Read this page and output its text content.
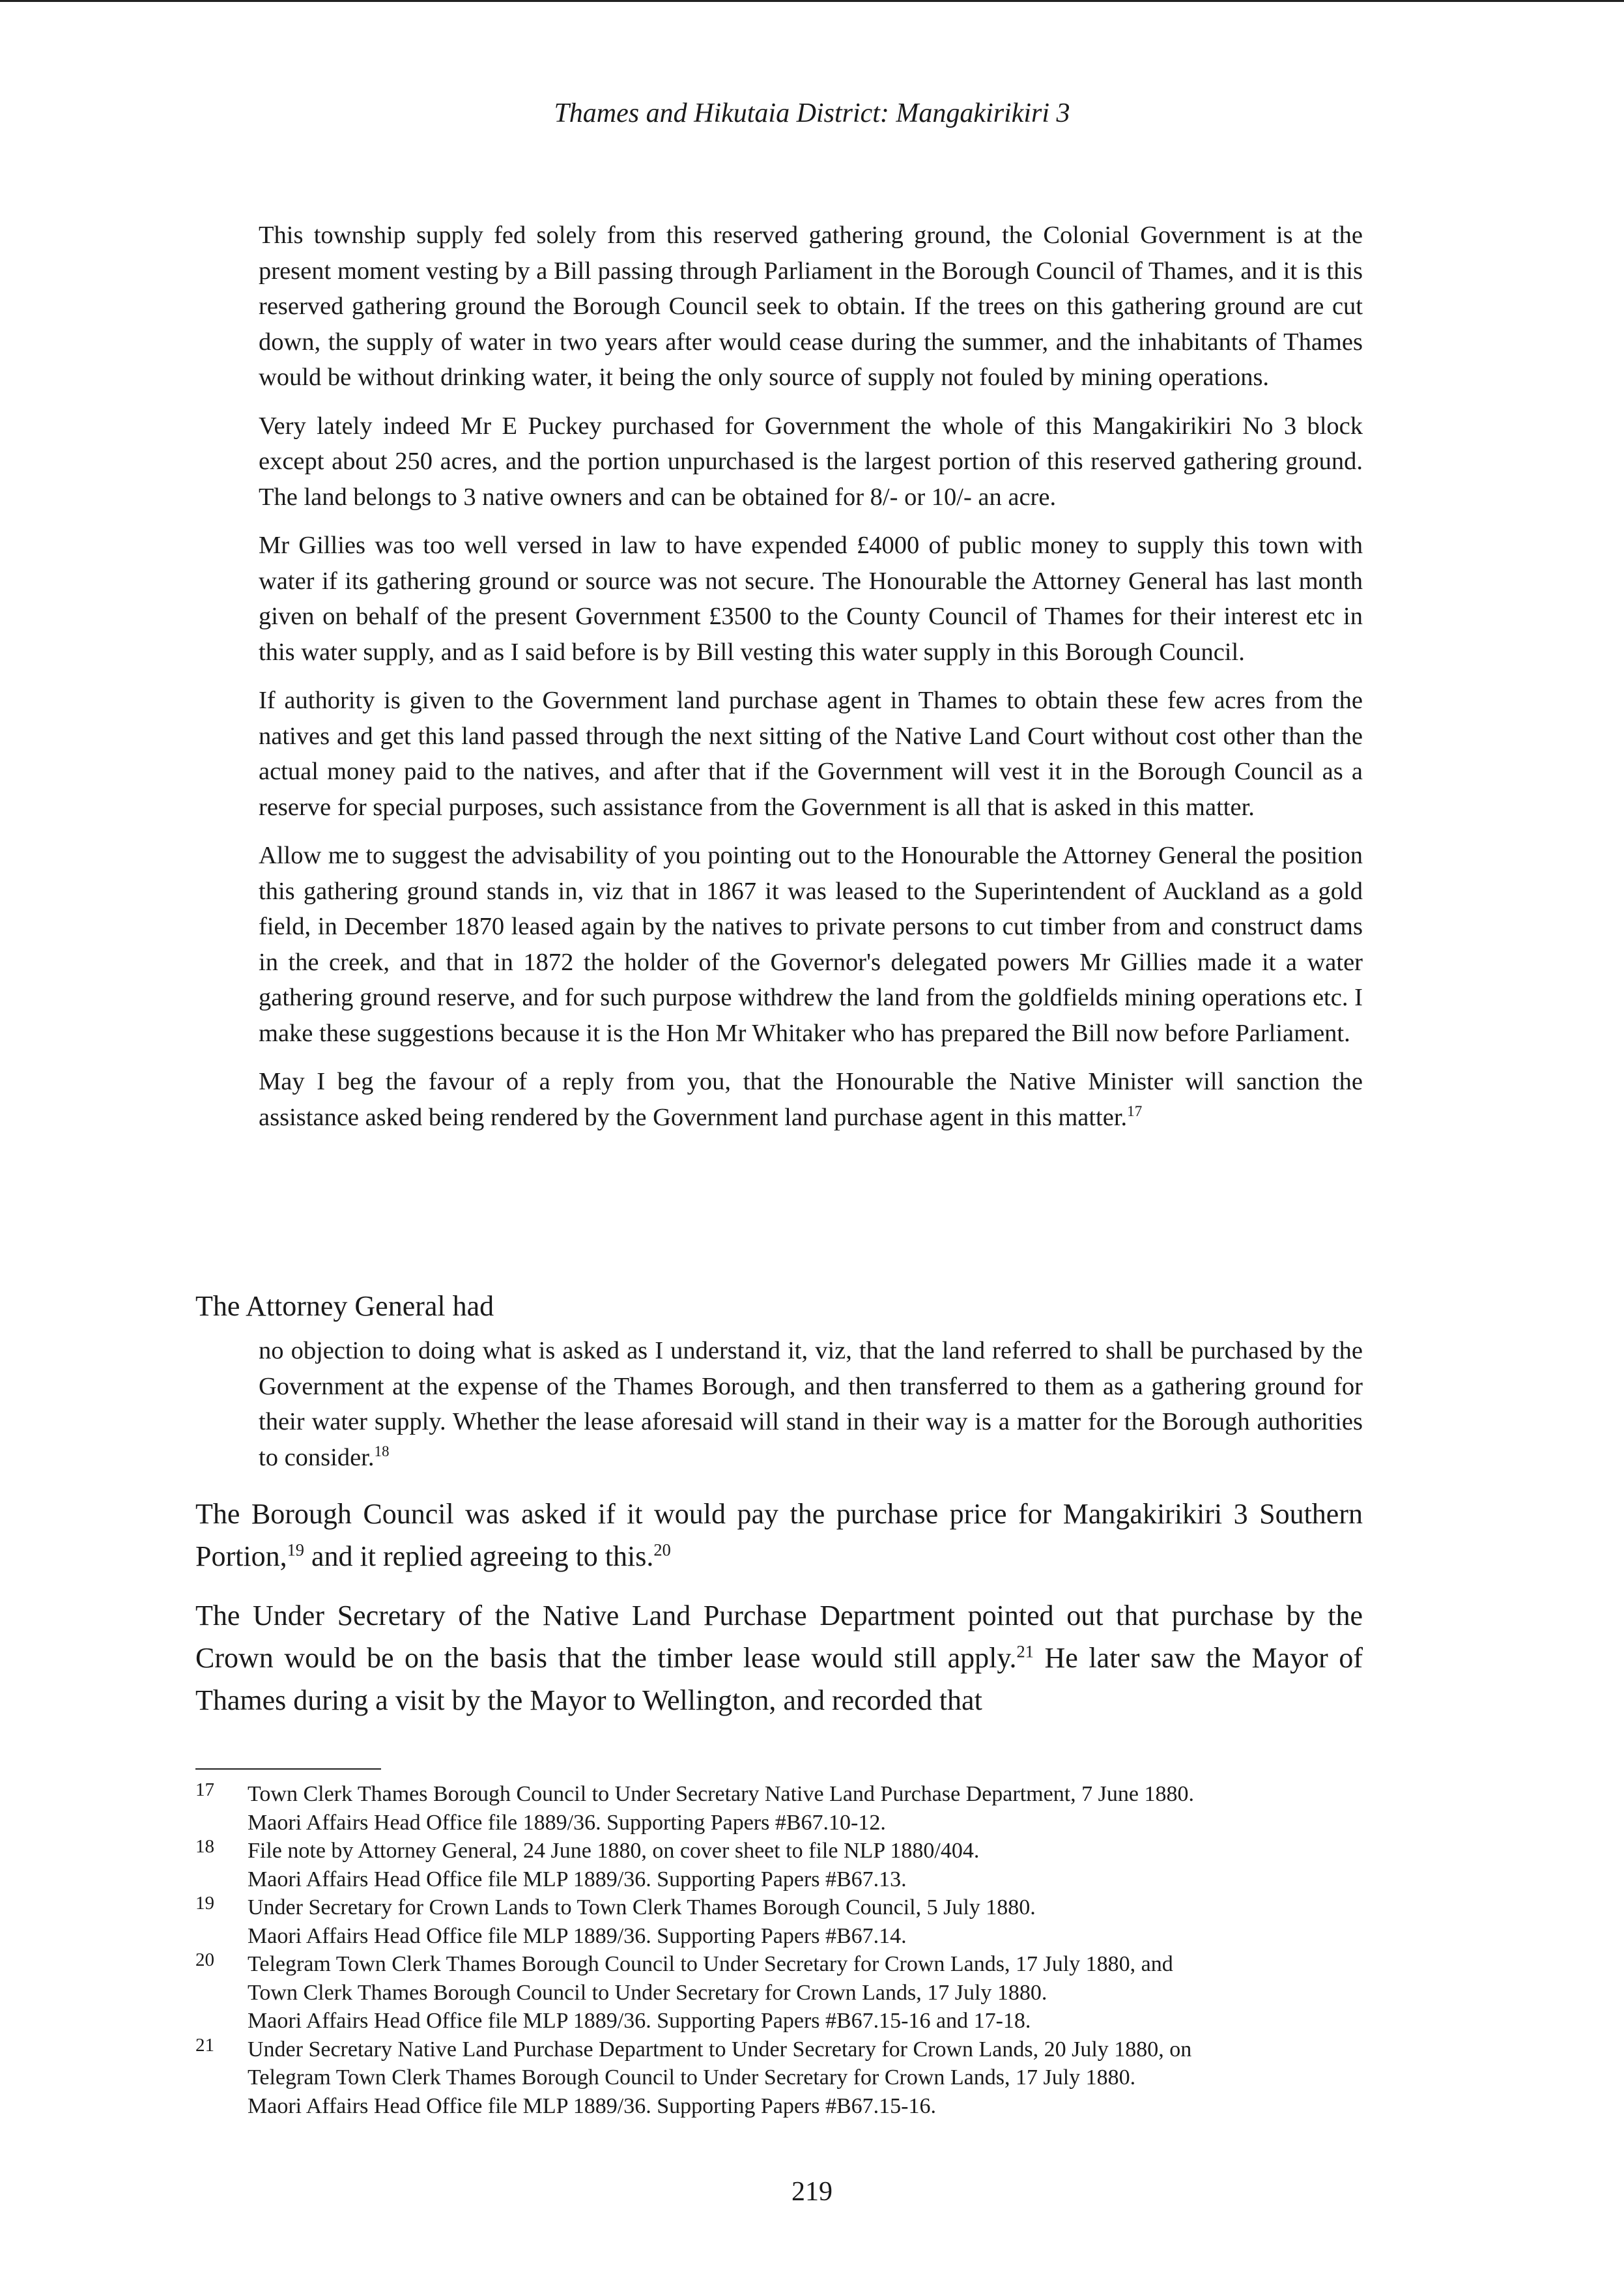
Thames and Hikutaia District: Mangakirikiri 3

This township supply fed solely from this reserved gathering ground, the Colonial Government is at the present moment vesting by a Bill passing through Parliament in the Borough Council of Thames, and it is this reserved gathering ground the Borough Council seek to obtain. If the trees on this gathering ground are cut down, the supply of water in two years after would cease during the summer, and the inhabitants of Thames would be without drinking water, it being the only source of supply not fouled by mining operations.

Very lately indeed Mr E Puckey purchased for Government the whole of this Mangakirikiri No 3 block except about 250 acres, and the portion unpurchased is the largest portion of this reserved gathering ground. The land belongs to 3 native owners and can be obtained for 8/- or 10/- an acre.

Mr Gillies was too well versed in law to have expended £4000 of public money to supply this town with water if its gathering ground or source was not secure. The Honourable the Attorney General has last month given on behalf of the present Government £3500 to the County Council of Thames for their interest etc in this water supply, and as I said before is by Bill vesting this water supply in this Borough Council.

If authority is given to the Government land purchase agent in Thames to obtain these few acres from the natives and get this land passed through the next sitting of the Native Land Court without cost other than the actual money paid to the natives, and after that if the Government will vest it in the Borough Council as a reserve for special purposes, such assistance from the Government is all that is asked in this matter.

Allow me to suggest the advisability of you pointing out to the Honourable the Attorney General the position this gathering ground stands in, viz that in 1867 it was leased to the Superintendent of Auckland as a gold field, in December 1870 leased again by the natives to private persons to cut timber from and construct dams in the creek, and that in 1872 the holder of the Governor's delegated powers Mr Gillies made it a water gathering ground reserve, and for such purpose withdrew the land from the goldfields mining operations etc. I make these suggestions because it is the Hon Mr Whitaker who has prepared the Bill now before Parliament.

May I beg the favour of a reply from you, that the Honourable the Native Minister will sanction the assistance asked being rendered by the Government land purchase agent in this matter.$^{17}$

The Attorney General had

no objection to doing what is asked as I understand it, viz, that the land referred to shall be purchased by the Government at the expense of the Thames Borough, and then transferred to them as a gathering ground for their water supply. Whether the lease aforesaid will stand in their way is a matter for the Borough authorities to consider.$^{18}$

The Borough Council was asked if it would pay the purchase price for Mangakirikiri 3 Southern Portion,$^{19}$ and it replied agreeing to this.$^{20}$

The Under Secretary of the Native Land Purchase Department pointed out that purchase by the Crown would be on the basis that the timber lease would still apply.$^{21}$ He later saw the Mayor of Thames during a visit by the Mayor to Wellington, and recorded that

17 Town Clerk Thames Borough Council to Under Secretary Native Land Purchase Department, 7 June 1880.
Maori Affairs Head Office file 1889/36. Supporting Papers #B67.10-12.
18 File note by Attorney General, 24 June 1880, on cover sheet to file NLP 1880/404.
Maori Affairs Head Office file MLP 1889/36. Supporting Papers #B67.13.
19 Under Secretary for Crown Lands to Town Clerk Thames Borough Council, 5 July 1880.
Maori Affairs Head Office file MLP 1889/36. Supporting Papers #B67.14.
20 Telegram Town Clerk Thames Borough Council to Under Secretary for Crown Lands, 17 July 1880, and
Town Clerk Thames Borough Council to Under Secretary for Crown Lands, 17 July 1880.
Maori Affairs Head Office file MLP 1889/36. Supporting Papers #B67.15-16 and 17-18.
21 Under Secretary Native Land Purchase Department to Under Secretary for Crown Lands, 20 July 1880, on
Telegram Town Clerk Thames Borough Council to Under Secretary for Crown Lands, 17 July 1880.
Maori Affairs Head Office file MLP 1889/36. Supporting Papers #B67.15-16.
219
